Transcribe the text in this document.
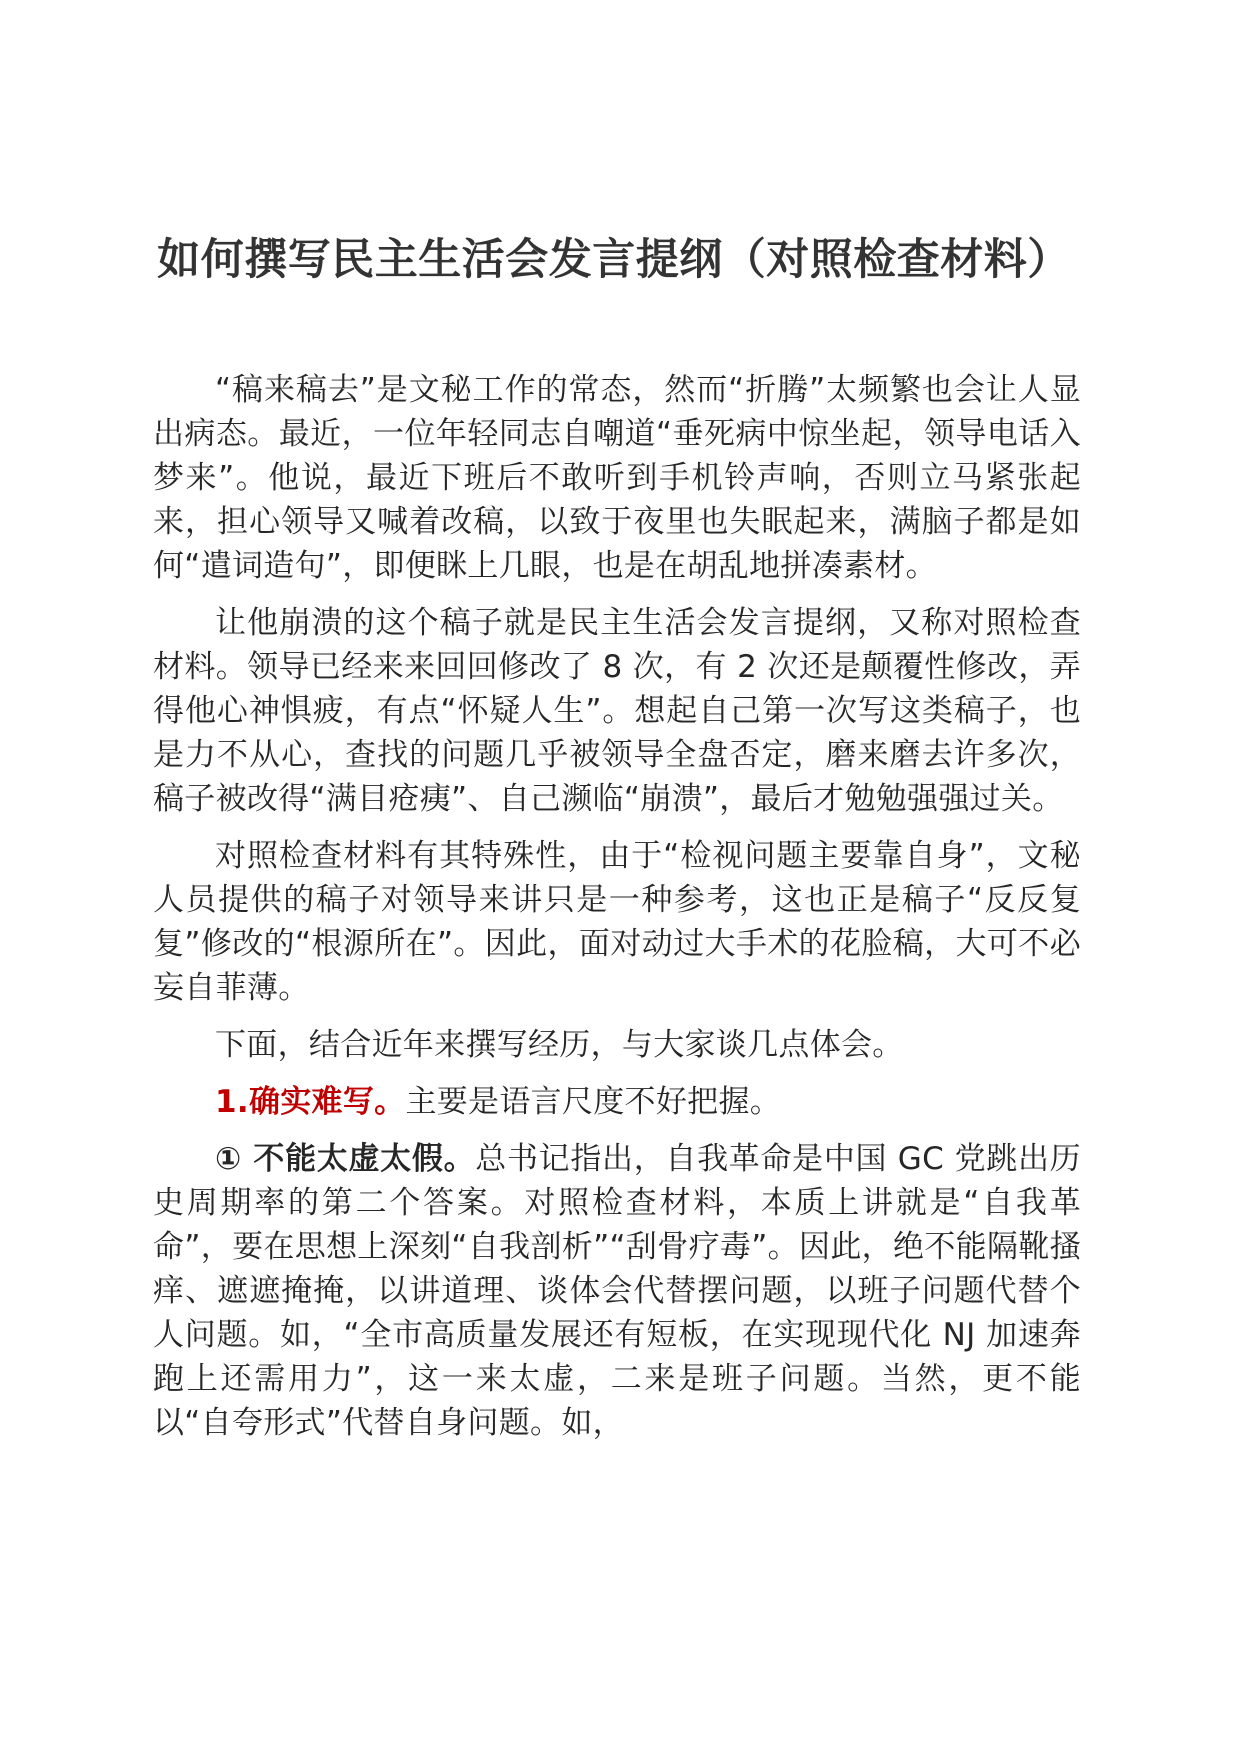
如何撰写民主生活会发言提纲（对照检查材料）

“稿来稿去”是文秘工作的常态，然而“折腾”太频繁也会让人显出病态。最近，一位年轻同志自嘲道“垂死病中惊坐起，领导电话入梦来”。他说，最近下班后不敢听到手机铃声响，否则立马紧张起来，担心领导又喊着改稿，以致于夜里也失眠起来，满脑子都是如何“遣词造句”，即便眯上几眼，也是在胡乱地拼凑素材。

让他崩溃的这个稿子就是民主生活会发言提纲，又称对照检查材料。领导已经来来回回修改了 8 次，有 2 次还是颠覆性修改，弄得他心神惧疲，有点“怀疑人生”。想起自己第一次写这类稿子，也是力不从心，查找的问题几乎被领导全盘否定，磨来磨去许多次，稿子被改得“满目疮痍”、自己濒临“崩溃”，最后才勉勉强强过关。

对照检查材料有其特殊性，由于“检视问题主要靠自身”，文秘人员提供的稿子对领导来讲只是一种参考，这也正是稿子“反反复复”修改的“根源所在”。因此，面对动过大手术的花脸稿，大可不必妄自菲薄。

下面，结合近年来撰写经历，与大家谈几点体会。

1.确实难写。主要是语言尺度不好把握。

① 不能太虚太假。总书记指出，自我革命是中国 GC 党跳出历史周期率的第二个答案。对照检查材料，本质上讲就是“自我革命”，要在思想上深刻“自我剖析”“刮骨疗毒”。因此，绝不能隔靴搔痒、遮遮掩掩，以讲道理、谈体会代替摆问题，以班子问题代替个人问题。如，“全市高质量发展还有短板，在实现现代化 NJ 加速奔跑上还需用力”，这一来太虚，二来是班子问题。当然，更不能以“自夸形式”代替自身问题。如，
